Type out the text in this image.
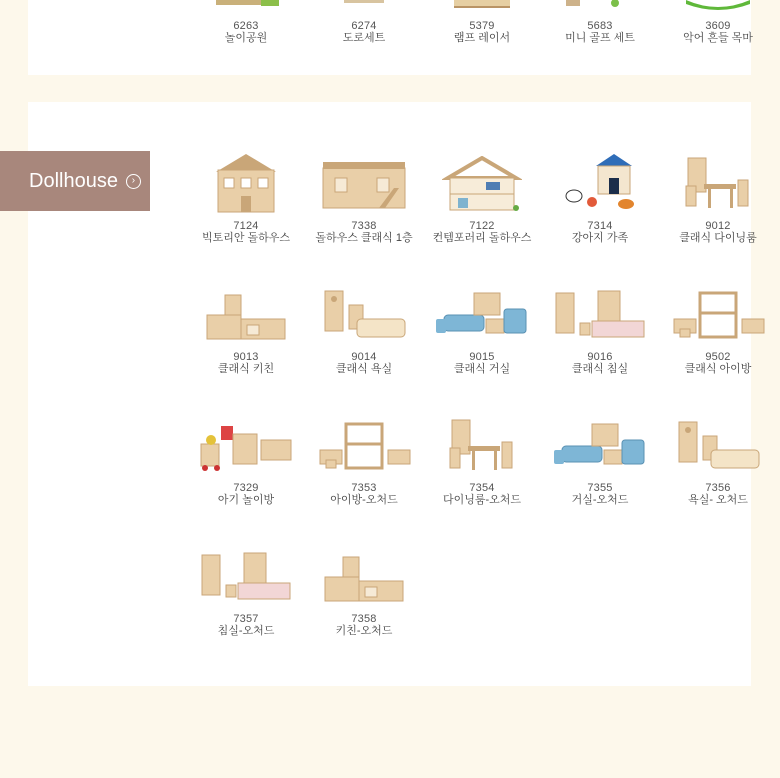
6263
놀이공원
6274
도로세트
5379
램프 레이서
5683
미니 골프 세트
3609
악어 흔들 목마
7124
빅토리안 돌하우스
7338
돌하우스 클래식 1층
7122
컨템포러리 돌하우스
7314
강아지 가족
9012
클래식 다이닝룸
9013
클래식 키친
9014
클래식 욕실
9015
클래식 거실
9016
클래식 침실
9502
클래식 아이방
7329
아기 놀이방
7353
아이방-오처드
7354
다이닝룸-오처드
7355
거실-오처드
7356
욕실- 오처드
7357
침실-오처드
7358
키친-오처드
Dollhouse	›
